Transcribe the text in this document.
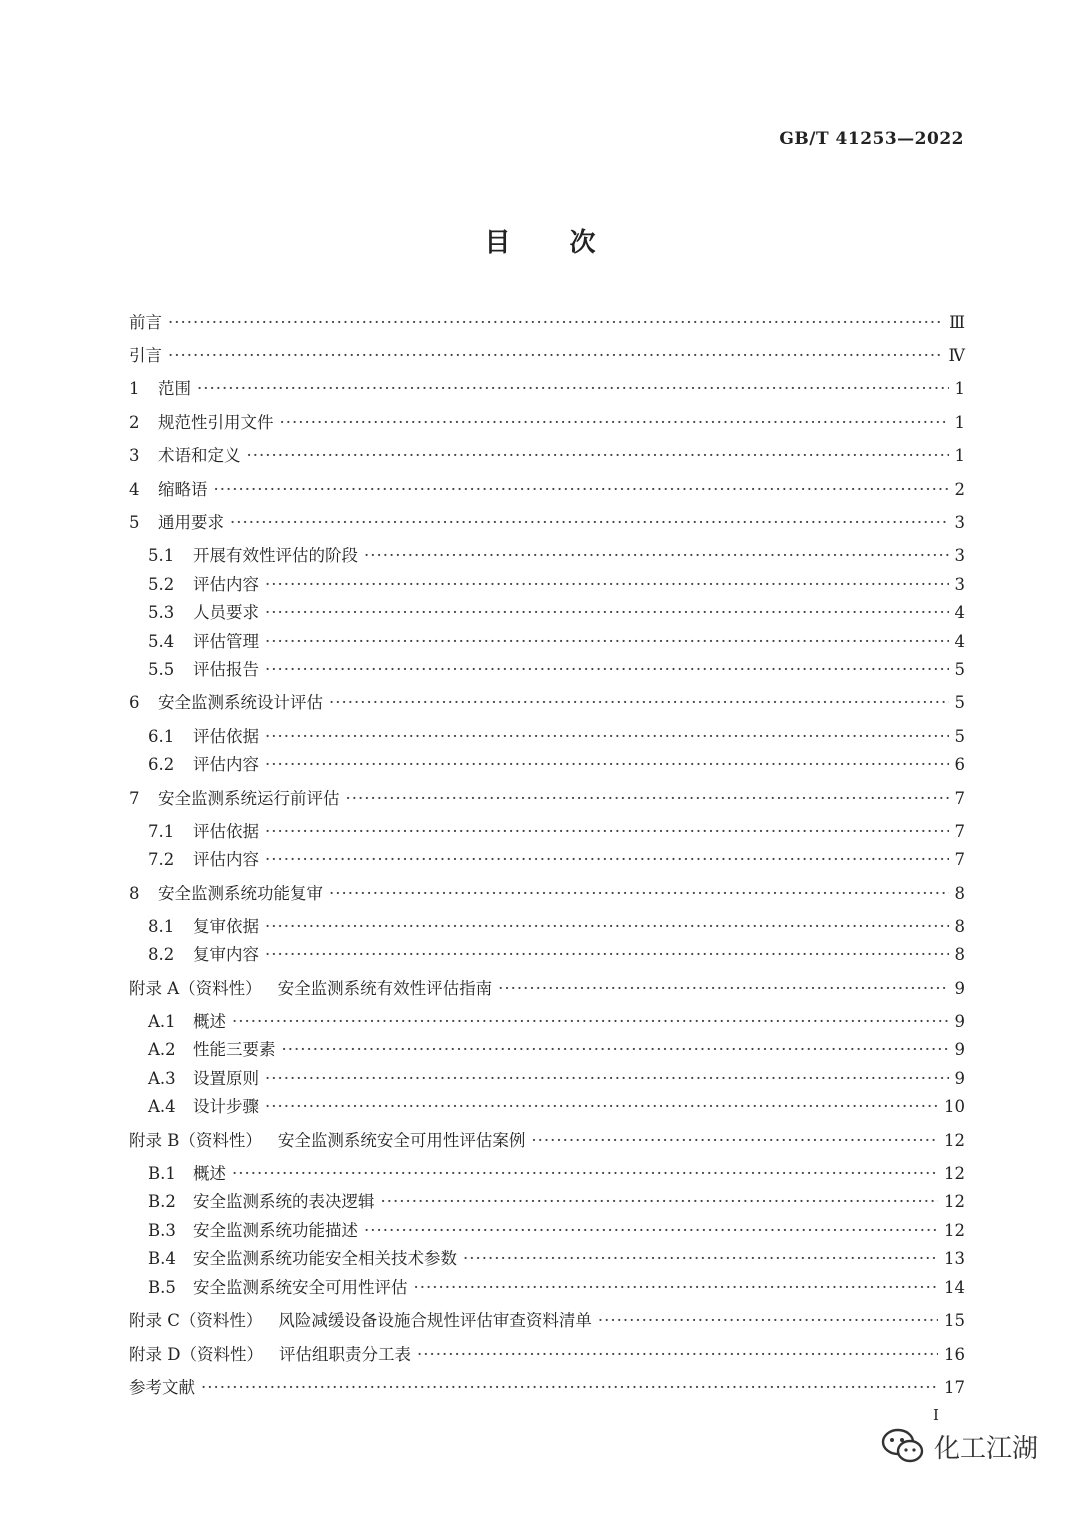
GB/T 41253—2022
目 次
前言 ·····	Ⅲ
引言 ·····	Ⅳ
1	范围 ·····	1
2	规范性引用文件 ·····	1
3	术语和定义 ·····	1
4	缩略语 ·····	2
5	通用要求 ·····	3
5.1	开展有效性评估的阶段 ·····	3
5.2	评估内容 ·····	3
5.3	人员要求 ·····	4
5.4	评估管理 ·····	4
5.5	评估报告 ·····	5
6	安全监测系统设计评估 ·····	5
6.1	评估依据 ·····	5
6.2	评估内容 ·····	6
7	安全监测系统运行前评估 ·····	7
7.1	评估依据 ·····	7
7.2	评估内容 ·····	7
8	安全监测系统功能复审 ·····	8
8.1	复审依据 ·····	8
8.2	复审内容 ·····	8
附录 A（资料性） 安全监测系统有效性评估指南 ·····	9
A.1	概述 ·····	9
A.2	性能三要素 ·····	9
A.3	设置原则 ·····	9
A.4	设计步骤 ·····	10
附录 B（资料性） 安全监测系统安全可用性评估案例 ·····	12
B.1	概述 ·····	12
B.2	安全监测系统的表决逻辑 ·····	12
B.3	安全监测系统功能描述 ·····	12
B.4	安全监测系统功能安全相关技术参数 ·····	13
B.5	安全监测系统安全可用性评估 ·····	14
附录 C（资料性） 风险减缓设备设施合规性评估审查资料清单 ·····	15
附录 D（资料性） 评估组职责分工表 ·····	16
参考文献 ·····	17
I
化工江湖
